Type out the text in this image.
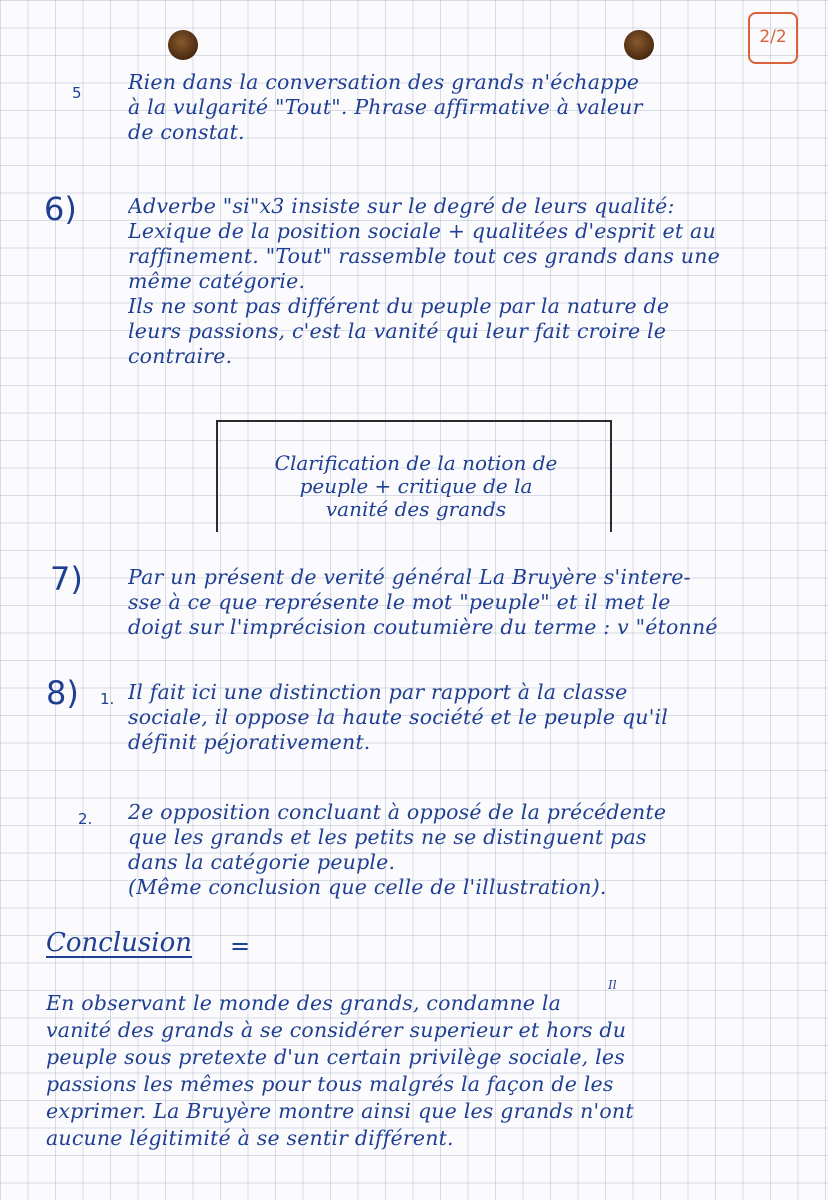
2/2
5 Rien dans la conversation des grands n'échappe
à la vulgarité "Tout". Phrase affirmative à valeur
de constat.
6) Adverbe "si"x3 insiste sur le degré de leurs qualité:
Lexique de la position sociale + qualitées d'esprit et au
raffinement. "Tout" rassemble tout ces grands dans une
même catégorie.
Ils ne sont pas différent du peuple par la nature de
leurs passions, c'est la vanité qui leur fait croire le
contraire.
Clarification de la notion de
peuple + critique de la
vanité des grands
7) Par un présent de verité général La Bruyère s'intere-
sse à ce que représente le mot "peuple" et il met le
doigt sur l'imprécision coutumière du terme : v "étonné
8) 1. Il fait ici une distinction par rapport à la classe
sociale, il oppose la haute société et le peuple qu'il
définit péjorativement.
2. 2e opposition concluant à opposé de la précédente
que les grands et les petits ne se distinguent pas
dans la catégorie peuple.
(Même conclusion que celle de l'illustration).
Conclusion =
Il
En observant le monde des grands, condamne la
vanité des grands à se considérer superieur et hors du
peuple sous pretexte d'un certain privilège sociale, les
passions les mêmes pour tous malgrés la façon de les
exprimer. La Bruyère montre ainsi que les grands n'ont
aucune légitimité à se sentir différent.
